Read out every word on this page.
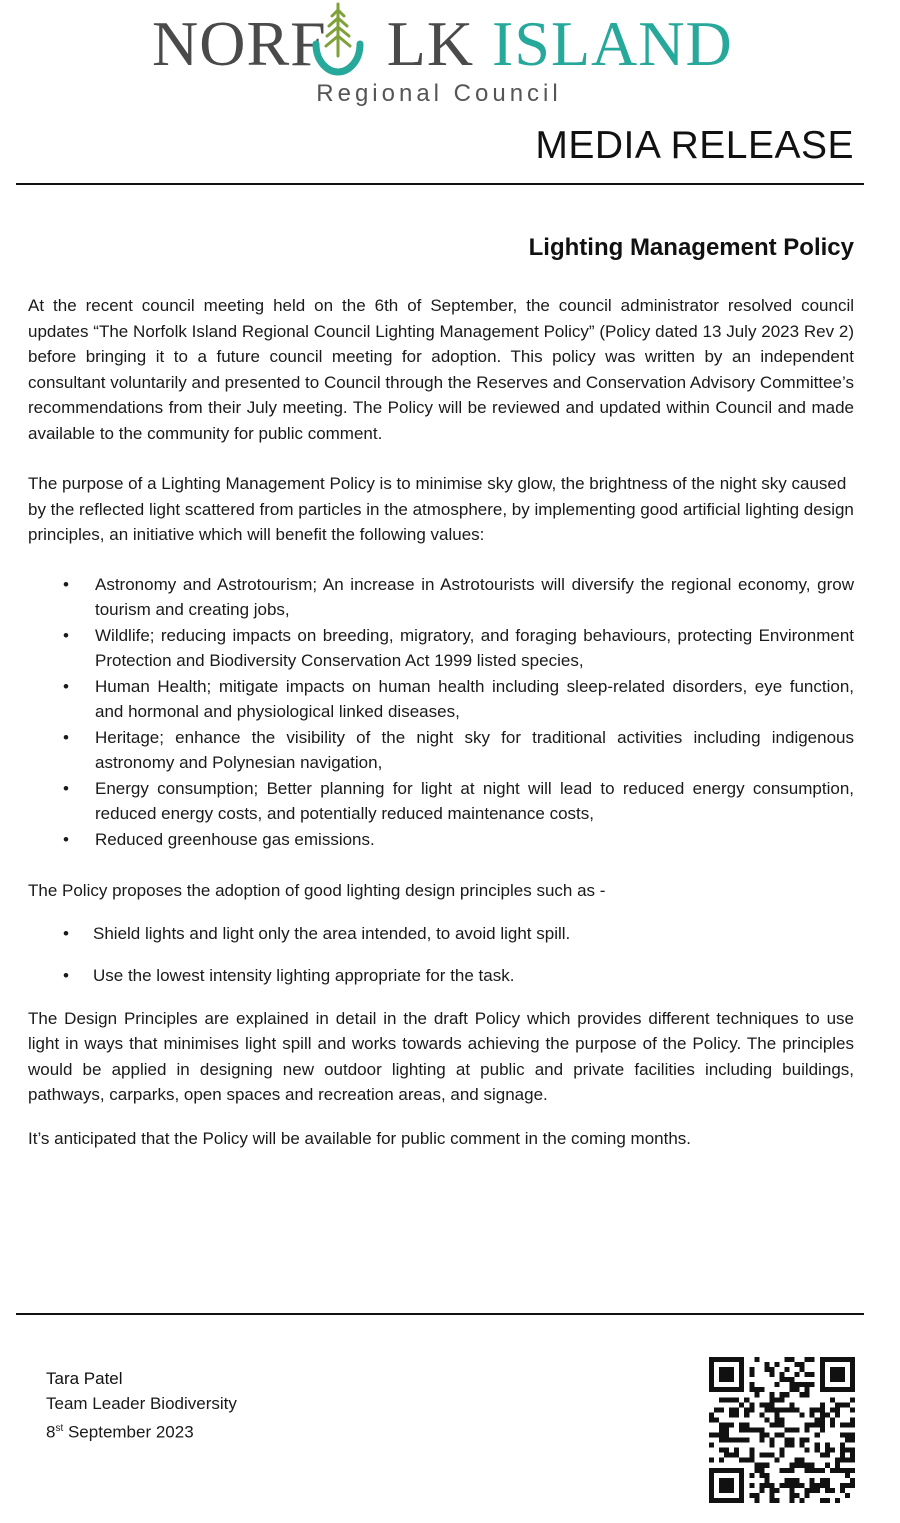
NORF LK ISLAND
Regional Council
MEDIA RELEASE
Lighting Management Policy

At the recent council meeting held on the 6th of September, the council administrator resolved council updates “The Norfolk Island Regional Council Lighting Management Policy” (Policy dated 13 July 2023 Rev 2) before bringing it to a future council meeting for adoption. This policy was written by an independent consultant voluntarily and presented to Council through the Reserves and Conservation Advisory Committee’s recommendations from their July meeting. The Policy will be reviewed and updated within Council and made available to the community for public comment.

The purpose of a Lighting Management Policy is to minimise sky glow, the brightness of the night sky caused by the reflected light scattered from particles in the atmosphere, by implementing good artificial lighting design principles, an initiative which will benefit the following values:

• Astronomy and Astrotourism; An increase in Astrotourists will diversify the regional economy, grow tourism and creating jobs,
• Wildlife; reducing impacts on breeding, migratory, and foraging behaviours, protecting Environment Protection and Biodiversity Conservation Act 1999 listed species,
• Human Health; mitigate impacts on human health including sleep-related disorders, eye function, and hormonal and physiological linked diseases,
• Heritage; enhance the visibility of the night sky for traditional activities including indigenous astronomy and Polynesian navigation,
• Energy consumption; Better planning for light at night will lead to reduced energy consumption, reduced energy costs, and potentially reduced maintenance costs,
• Reduced greenhouse gas emissions.

The Policy proposes the adoption of good lighting design principles such as -

• Shield lights and light only the area intended, to avoid light spill.
• Use the lowest intensity lighting appropriate for the task.

The Design Principles are explained in detail in the draft Policy which provides different techniques to use light in ways that minimises light spill and works towards achieving the purpose of the Policy. The principles would be applied in designing new outdoor lighting at public and private facilities including buildings, pathways, carparks, open spaces and recreation areas, and signage.

It’s anticipated that the Policy will be available for public comment in the coming months.

Tara Patel
Team Leader Biodiversity
8st September 2023
